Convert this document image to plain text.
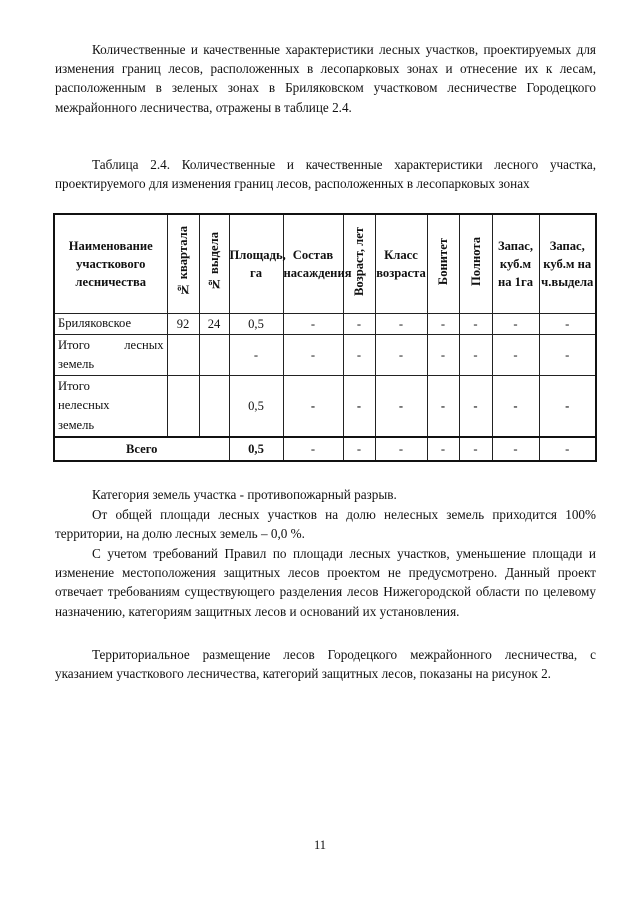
Количественные и качественные характеристики лесных участков, проектируемых для изменения границ лесов, расположенных в лесопарковых зонах и отнесение их к лесам, расположенным в зеленых зонах в Бриляковском участковом лесничестве Городецкого межрайонного лесничества, отражены в таблице 2.4.

Таблица 2.4. Количественные и качественные характеристики лесного участка, проектируемого для изменения границ лесов, расположенных в лесопарковых зонах

Наименование участкового лесничества	№ квартала	№ выдела	Площадь, га	Состав насаждения	Возраст, лет	Класс возраста	Бонитет	Полнота	Запас, куб.м на 1га	Запас, куб.м на ч.выдела
Бриляковское	92	24	0,5	-	-	-	-	-	-	-
Итого лесных земель			-	-	-	-	-	-	-	-
Итого нелесных земель			0,5	-	-	-	-	-	-	-
Всего			0,5	-	-	-	-	-	-	-

Категория земель участка - противопожарный разрыв.

От общей площади лесных участков на долю нелесных земель приходится 100% территории, на долю лесных земель – 0,0 %.

С учетом требований Правил по площади лесных участков, уменьшение площади и изменение местоположения защитных лесов проектом не предусмотрено. Данный проект отвечает требованиям существующего разделения лесов Нижегородской области по целевому назначению, категориям защитных лесов и оснований их установления.

Территориальное размещение лесов Городецкого межрайонного лесничества, с указанием участкового лесничества, категорий защитных лесов, показаны на рисунок 2.

11
